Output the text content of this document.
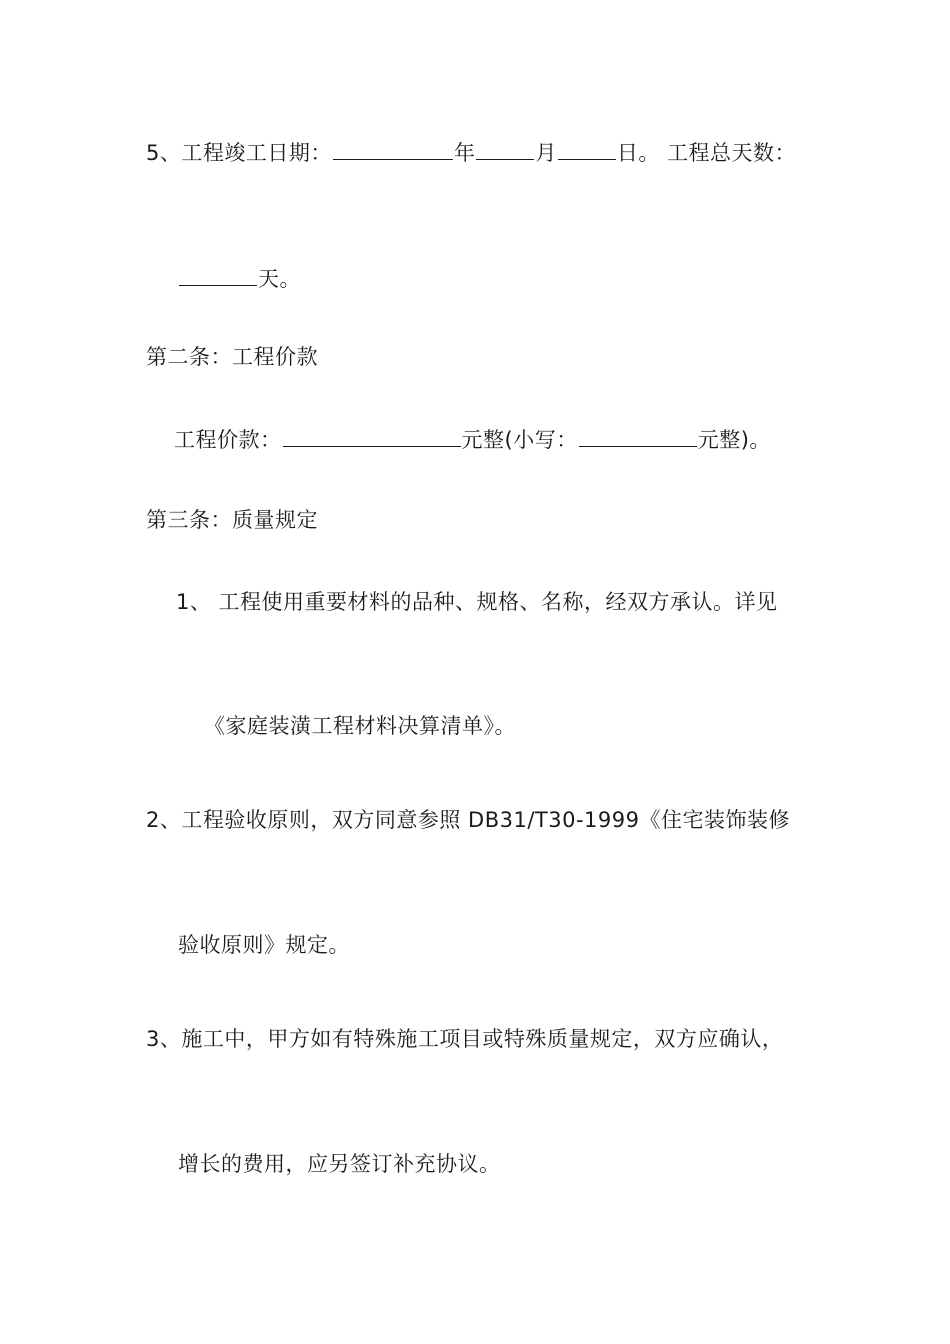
5、工程竣工日期：	年	月	日。 工程总天数：
天。
第二条：工程价款
工程价款：	元整(小写：	元整)。
第三条：质量规定
1、 工程使用重要材料的品种、规格、名称，经双方承认。详见
《家庭装潢工程材料决算清单》。
2、工程验收原则，双方同意参照 DB31/T30-1999《住宅装饰装修
验收原则》规定。
3、施工中，甲方如有特殊施工项目或特殊质量规定，双方应确认，
增长的费用，应另签订补充协议。
